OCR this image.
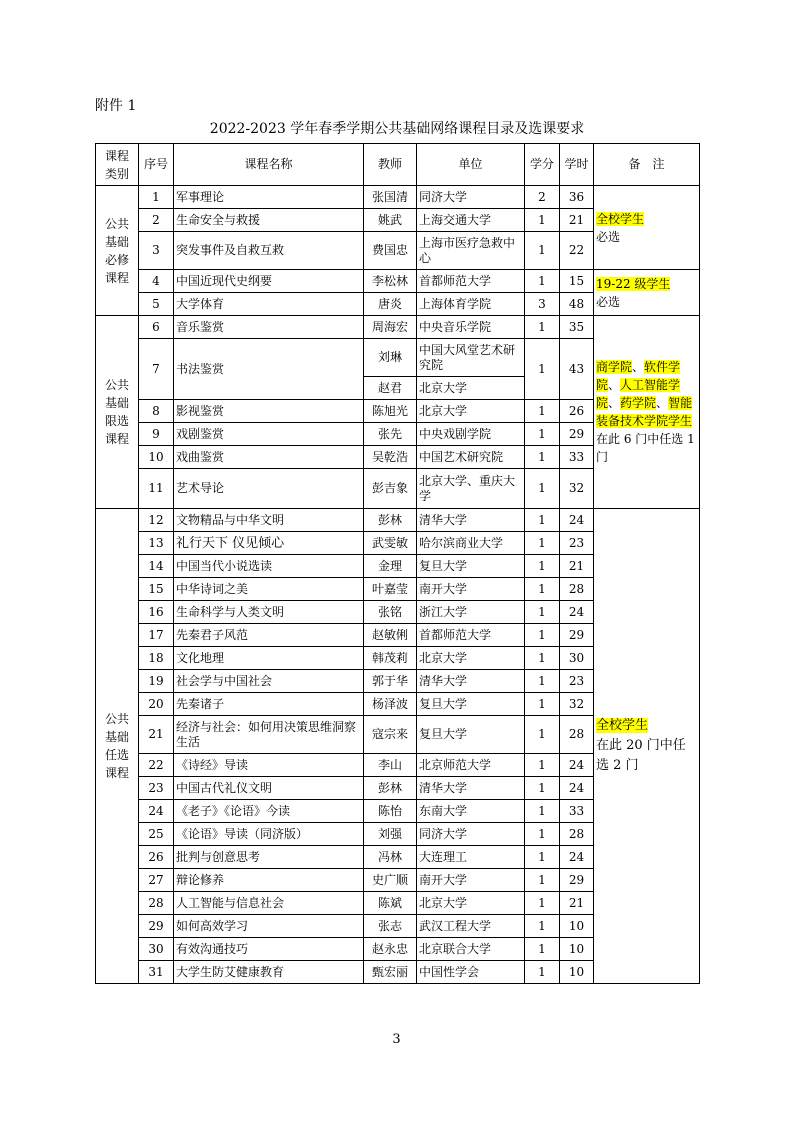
附件 1
2022-2023 学年春季学期公共基础网络课程目录及选课要求
课程类别	序号	课程名称	教师	单位	学分	学时	备　注
公共基础必修课程	1	军事理论	张国清	同济大学	2	36	全校学生
必选
	2	生命安全与救援	姚武	上海交通大学	1	21	
	3	突发事件及自救互救	费国忠	上海市医疗急救中心	1	22	
	4	中国近现代史纲要	李松林	首都师范大学	1	15	19-22 级学生
必选
	5	大学体育	唐炎	上海体育学院	3	48	
公共基础限选课程	6	音乐鉴赏	周海宏	中央音乐学院	1	35	商学院、软件学院、人工智能学院、药学院、智能装备技术学院学生
在此 6 门中任选 1 门
	7	书法鉴赏	刘琳	中国大风堂艺术研究院	1	43	
			赵君	北京大学			
	8	影视鉴赏	陈旭光	北京大学	1	26	
	9	戏剧鉴赏	张先	中央戏剧学院	1	29	
	10	戏曲鉴赏	吴乾浩	中国艺术研究院	1	33	
	11	艺术导论	彭吉象	北京大学、重庆大学	1	32	
公共基础任选课程	12	文物精品与中华文明	彭林	清华大学	1	24	全校学生
在此 20 门中任选 2 门
	13	礼行天下 仪见倾心	武雯敏	哈尔滨商业大学	1	23	
	14	中国当代小说选读	金理	复旦大学	1	21	
	15	中华诗词之美	叶嘉莹	南开大学	1	28	
	16	生命科学与人类文明	张铭	浙江大学	1	24	
	17	先秦君子风范	赵敏俐	首都师范大学	1	29	
	18	文化地理	韩茂莉	北京大学	1	30	
	19	社会学与中国社会	郭于华	清华大学	1	23	
	20	先秦诸子	杨泽波	复旦大学	1	32	
	21	经济与社会：如何用决策思维洞察生活	寇宗来	复旦大学	1	28	
	22	《诗经》导读	李山	北京师范大学	1	24	
	23	中国古代礼仪文明	彭林	清华大学	1	24	
	24	《老子》《论语》今读	陈怡	东南大学	1	33	
	25	《论语》导读（同济版）	刘强	同济大学	1	28	
	26	批判与创意思考	冯林	大连理工	1	24	
	27	辩论修养	史广顺	南开大学	1	29	
	28	人工智能与信息社会	陈斌	北京大学	1	21	
	29	如何高效学习	张志	武汉工程大学	1	10	
	30	有效沟通技巧	赵永忠	北京联合大学	1	10	
	31	大学生防艾健康教育	甄宏丽	中国性学会	1	10	
3
